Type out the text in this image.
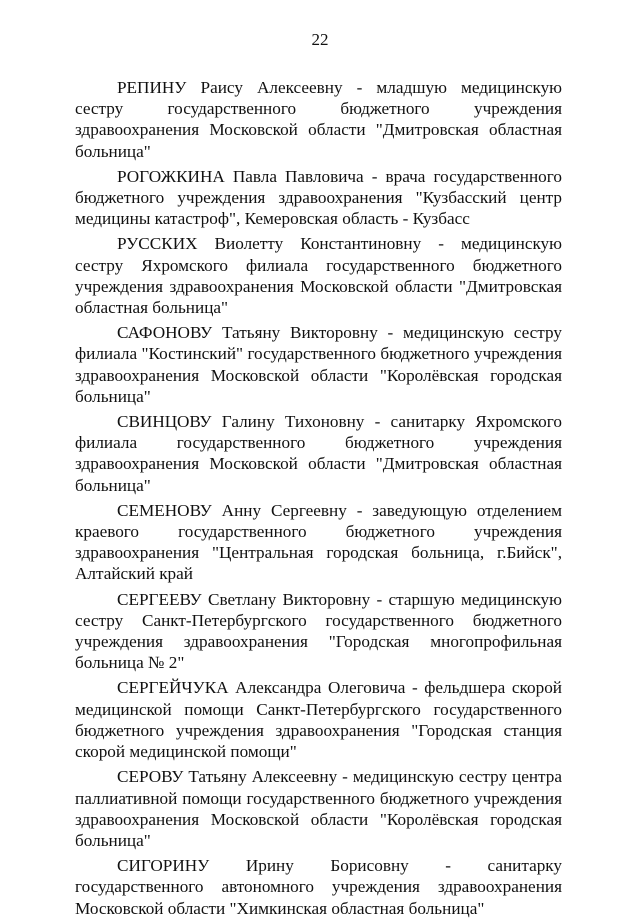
22

РЕПИНУ Раису Алексеевну - младшую медицинскую сестру государственного бюджетного учреждения здравоохранения Московской области "Дмитровская областная больница"

РОГОЖКИНА Павла Павловича - врача государственного бюджетного учреждения здравоохранения "Кузбасский центр медицины катастроф", Кемеровская область - Кузбасс

РУССКИХ Виолетту Константиновну - медицинскую сестру Яхромского филиала государственного бюджетного учреждения здравоохранения Московской области "Дмитровская областная больница"

САФОНОВУ Татьяну Викторовну - медицинскую сестру филиала "Костинский" государственного бюджетного учреждения здравоохранения Московской области "Королёвская городская больница"

СВИНЦОВУ Галину Тихоновну - санитарку Яхромского филиала государственного бюджетного учреждения здравоохранения Московской области "Дмитровская областная больница"

СЕМЕНОВУ Анну Сергеевну - заведующую отделением краевого государственного бюджетного учреждения здравоохранения "Центральная городская больница, г.Бийск", Алтайский край

СЕРГЕЕВУ Светлану Викторовну - старшую медицинскую сестру Санкт-Петербургского государственного бюджетного учреждения здравоохранения "Городская многопрофильная больница № 2"

СЕРГЕЙЧУКА Александра Олеговича - фельдшера скорой медицинской помощи Санкт-Петербургского государственного бюджетного учреждения здравоохранения "Городская станция скорой медицинской помощи"

СЕРОВУ Татьяну Алексеевну - медицинскую сестру центра паллиативной помощи государственного бюджетного учреждения здравоохранения Московской области "Королёвская городская больница"

СИГОРИНУ Ирину Борисовну - санитарку государственного автономного учреждения здравоохранения Московской области "Химкинская областная больница"
